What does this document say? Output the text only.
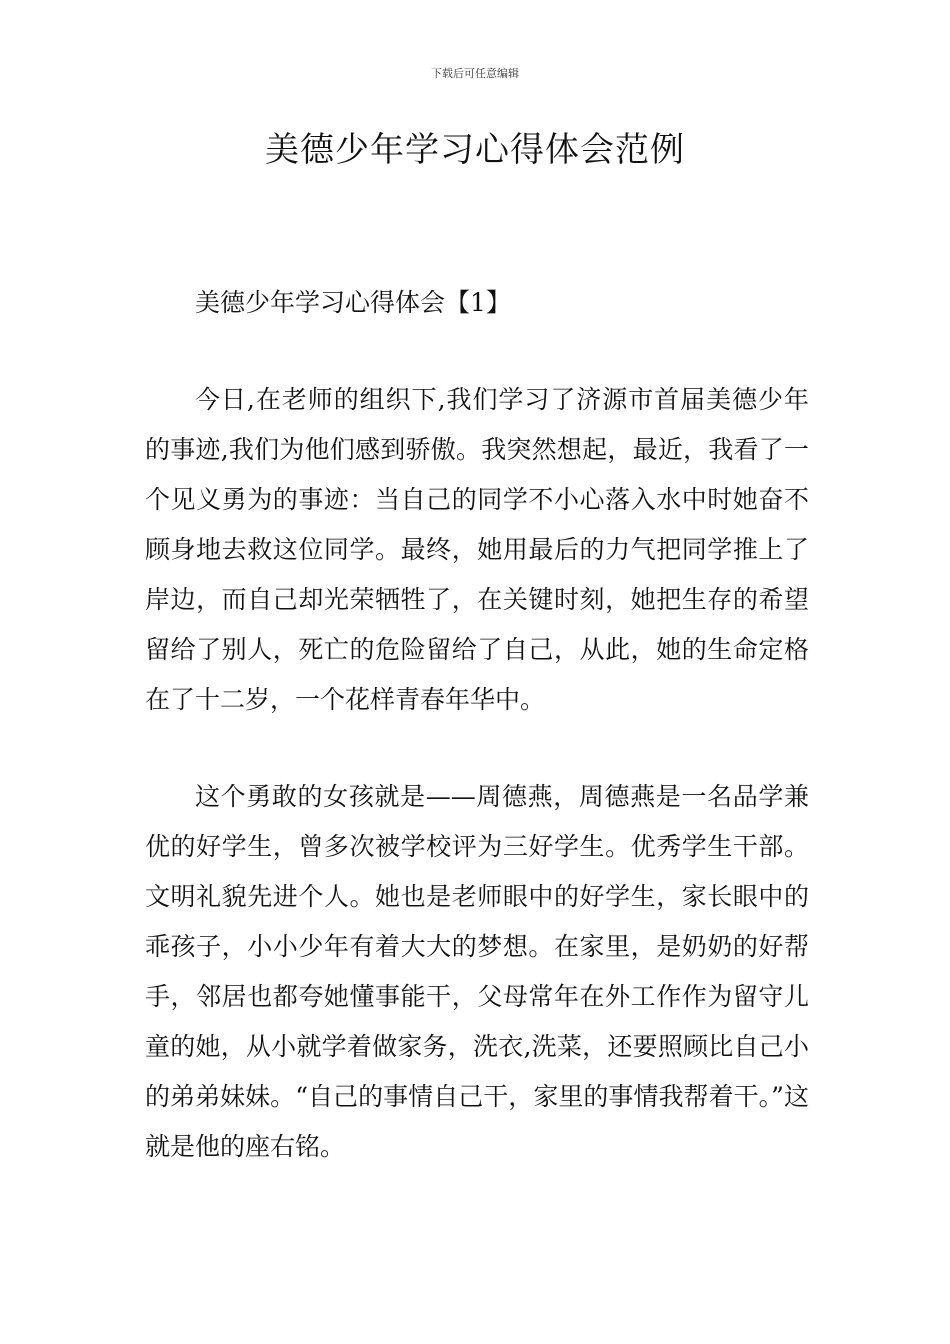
下载后可任意编辑
美德少年学习心得体会范例

美德少年学习心得体会【1】

今日,在老师的组织下,我们学习了济源市首届美德少年的事迹,我们为他们感到骄傲。我突然想起，最近，我看了一个见义勇为的事迹：当自己的同学不小心落入水中时她奋不顾身地去救这位同学。最终，她用最后的力气把同学推上了岸边，而自己却光荣牺牲了，在关键时刻，她把生存的希望留给了别人，死亡的危险留给了自己，从此，她的生命定格在了十二岁，一个花样青春年华中。

这个勇敢的女孩就是——周德燕，周德燕是一名品学兼优的好学生，曾多次被学校评为三好学生。优秀学生干部。文明礼貌先进个人。她也是老师眼中的好学生，家长眼中的乖孩子，小小少年有着大大的梦想。在家里，是奶奶的好帮手，邻居也都夸她懂事能干，父母常年在外工作作为留守儿童的她，从小就学着做家务，洗衣,洗菜，还要照顾比自己小的弟弟妹妹。“自己的事情自己干，家里的事情我帮着干。”这就是他的座右铭。
